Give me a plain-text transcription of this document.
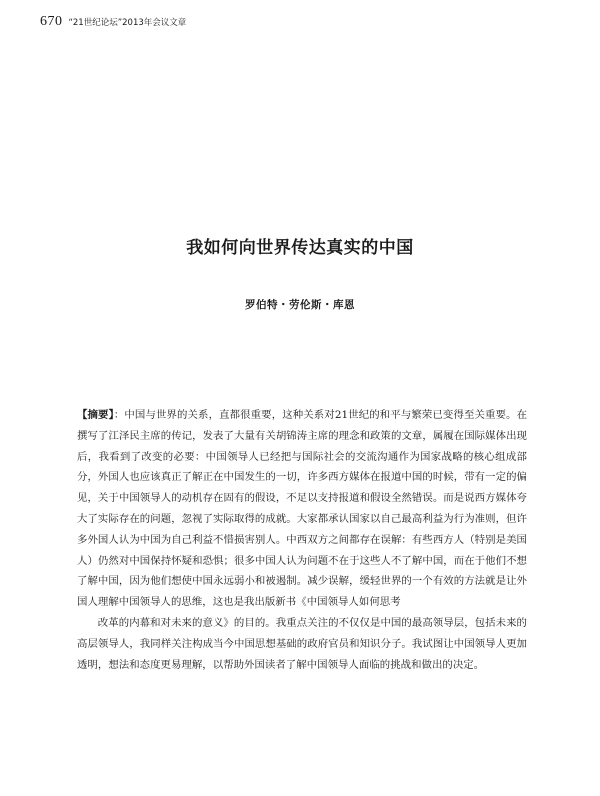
670 “21世纪论坛”2013年会议文章
我如何向世界传达真实的中国
罗伯特・劳伦斯・库恩

【摘要】：中国与世界的关系，直都很重要，这种关系对21世纪的和平与繁荣已变得至关重要。在撰写了江泽民主席的传记，发表了大量有关胡锦涛主席的理念和政策的文章，属履在国际媒体出现后，我看到了改变的必要：中国领导人已经把与国际社会的交流沟通作为国家战略的核心组成部分，外国人也应该真正了解正在中国发生的一切，许多西方媒体在报道中国的时候，带有一定的偏见，关于中国领导人的动机存在固有的假设，不足以支持报道和假设全然错误。而是说西方媒体夸大了实际存在的问题，忽视了实际取得的成就。大家都承认国家以自己最高利益为行为准则，但许多外国人认为中国为自己利益不惜损害别人。中西双方之间都存在误解：有些西方人（特别是美国人）仍然对中国保持怀疑和恐惧；很多中国人认为问题不在于这些人不了解中国，而在于他们不想了解中国，因为他们想使中国永远弱小和被遏制。减少误解，缓轻世界的一个有效的方法就是让外国人理解中国领导人的思维，这也是我出版新书《中国领导人如何思考

改革的内幕和对未来的意义》的目的。我重点关注的不仅仅是中国的最高领导层，包括未来的高层领导人，我同样关注构成当今中国思想基础的政府官员和知识分子。我试图让中国领导人更加透明，想法和态度更易理解，以帮助外国读者了解中国领导人面临的挑战和做出的决定。
